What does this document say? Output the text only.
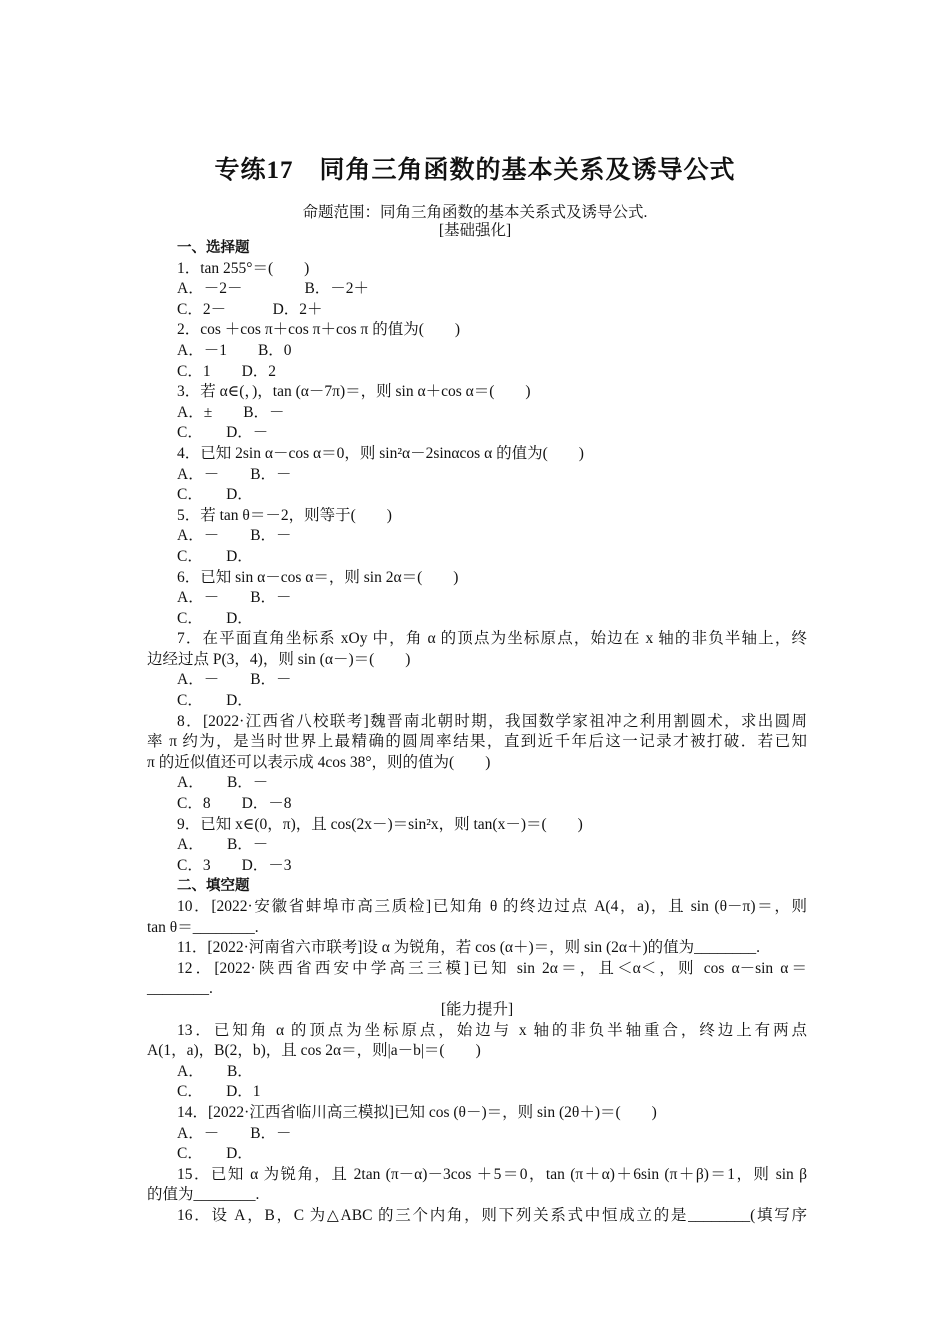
专练17　同角三角函数的基本关系及诱导公式
命题范围：同角三角函数的基本关系式及诱导公式.
[基础强化]
一、选择题
1．tan 255°＝(　　)
A．－2－　　　　B．－2＋
C．2－　　　D．2＋
2．cos ＋cos π＋cos π＋cos π 的值为(　　)
A．－1　　B．0
C．1　　D．2
3．若 α∈(，)，tan (α－7π)＝，则 sin α＋cos α＝(　　)
A．±　　B．－
C．　　D．－
4．已知 2sin α－cos α＝0，则 sin²α－2sinαcos α 的值为(　　)
A．－　　B．－
C．　　D．
5．若 tan θ＝－2，则等于(　　)
A．－　　B．－
C．　　D．
6．已知 sin α－cos α＝，则 sin 2α＝(　　)
A．－　　B．－
C．　　D．
7．在平面直角坐标系 xOy 中，角 α 的顶点为坐标原点，始边在 x 轴的非负半轴上，终
边经过点 P(3，4)，则 sin (α－)＝(　　)
A．－　　B．－
C．　　D．
8．[2022·江西省八校联考]魏晋南北朝时期，我国数学家祖冲之利用割圆术，求出圆周
率 π 约为，是当时世界上最精确的圆周率结果，直到近千年后这一记录才被打破．若已知
π 的近似值还可以表示成 4cos 38°，则的值为(　　)
A．　　B．－
C．8　　D．－8
9．已知 x∈(0，π)，且 cos(2x－)＝sin²x，则 tan(x－)＝(　　)
A．　　B．－
C．3　　D．－3
二、填空题
10．[2022·安徽省蚌埠市高三质检]已知角 θ 的终边过点 A(4，a)，且 sin (θ－π)＝，则
tan θ＝________.
11．[2022·河南省六市联考]设 α 为锐角，若 cos (α＋)＝，则 sin (2α＋)的值为________.
12．[2022·陕西省西安中学高三三模]已知 sin 2α＝，且＜α＜，则 cos α－sin α＝
________.
[能力提升]
13．已知角 α 的顶点为坐标原点，始边与 x 轴的非负半轴重合，终边上有两点
A(1，a)，B(2，b)，且 cos 2α＝，则|a－b|＝(　　)
A．　　B．
C．　　D．1
14．[2022·江西省临川高三模拟]已知 cos (θ－)＝，则 sin (2θ＋)＝(　　)
A．－　　B．－
C．　　D．
15．已知 α 为锐角，且 2tan (π－α)－3cos ＋5＝0，tan (π＋α)＋6sin (π＋β)＝1，则 sin β
的值为________.
16．设 A，B，C 为△ABC 的三个内角，则下列关系式中恒成立的是________(填写序
